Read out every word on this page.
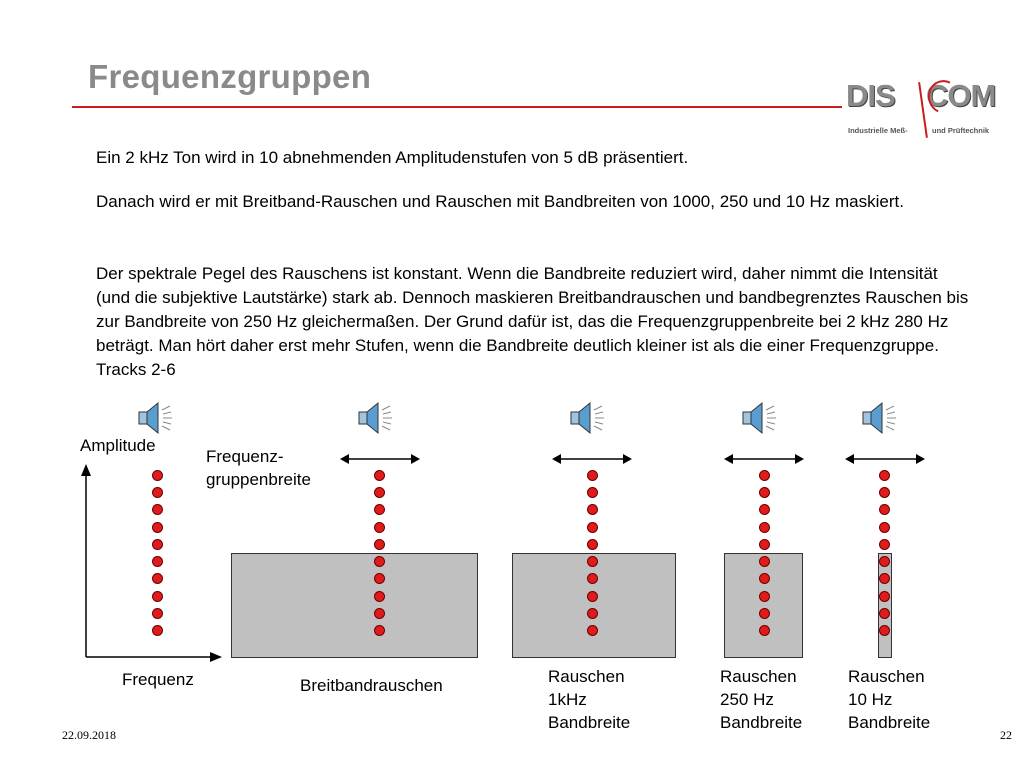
Frequenzgruppen
DIS COM
Industrielle Meß-	und Prüftechnik
Ein 2 kHz Ton wird in 10 abnehmenden Amplitudenstufen von 5 dB präsentiert.
Danach wird er mit Breitband-Rauschen und Rauschen mit Bandbreiten von 1000, 250 und 10 Hz maskiert.
Der spektrale Pegel des Rauschens ist konstant. Wenn die Bandbreite reduziert wird, daher nimmt die Intensität (und die subjektive Lautstärke) stark ab. Dennoch maskieren Breitbandrauschen und bandbegrenztes Rauschen bis zur Bandbreite von 250 Hz gleichermaßen. Der Grund dafür ist, das die Frequenzgruppenbreite bei 2 kHz 280 Hz beträgt. Man hört daher erst mehr Stufen, wenn die Bandbreite deutlich kleiner ist als die einer Frequenzgruppe. Tracks 2-6
Amplitude
Frequenz
Frequenz-
gruppenbreite
Breitbandrauschen	Rauschen
1kHz
Bandbreite
Rauschen
250 Hz
Bandbreite
Rauschen
10 Hz
Bandbreite
22.09.2018	22
